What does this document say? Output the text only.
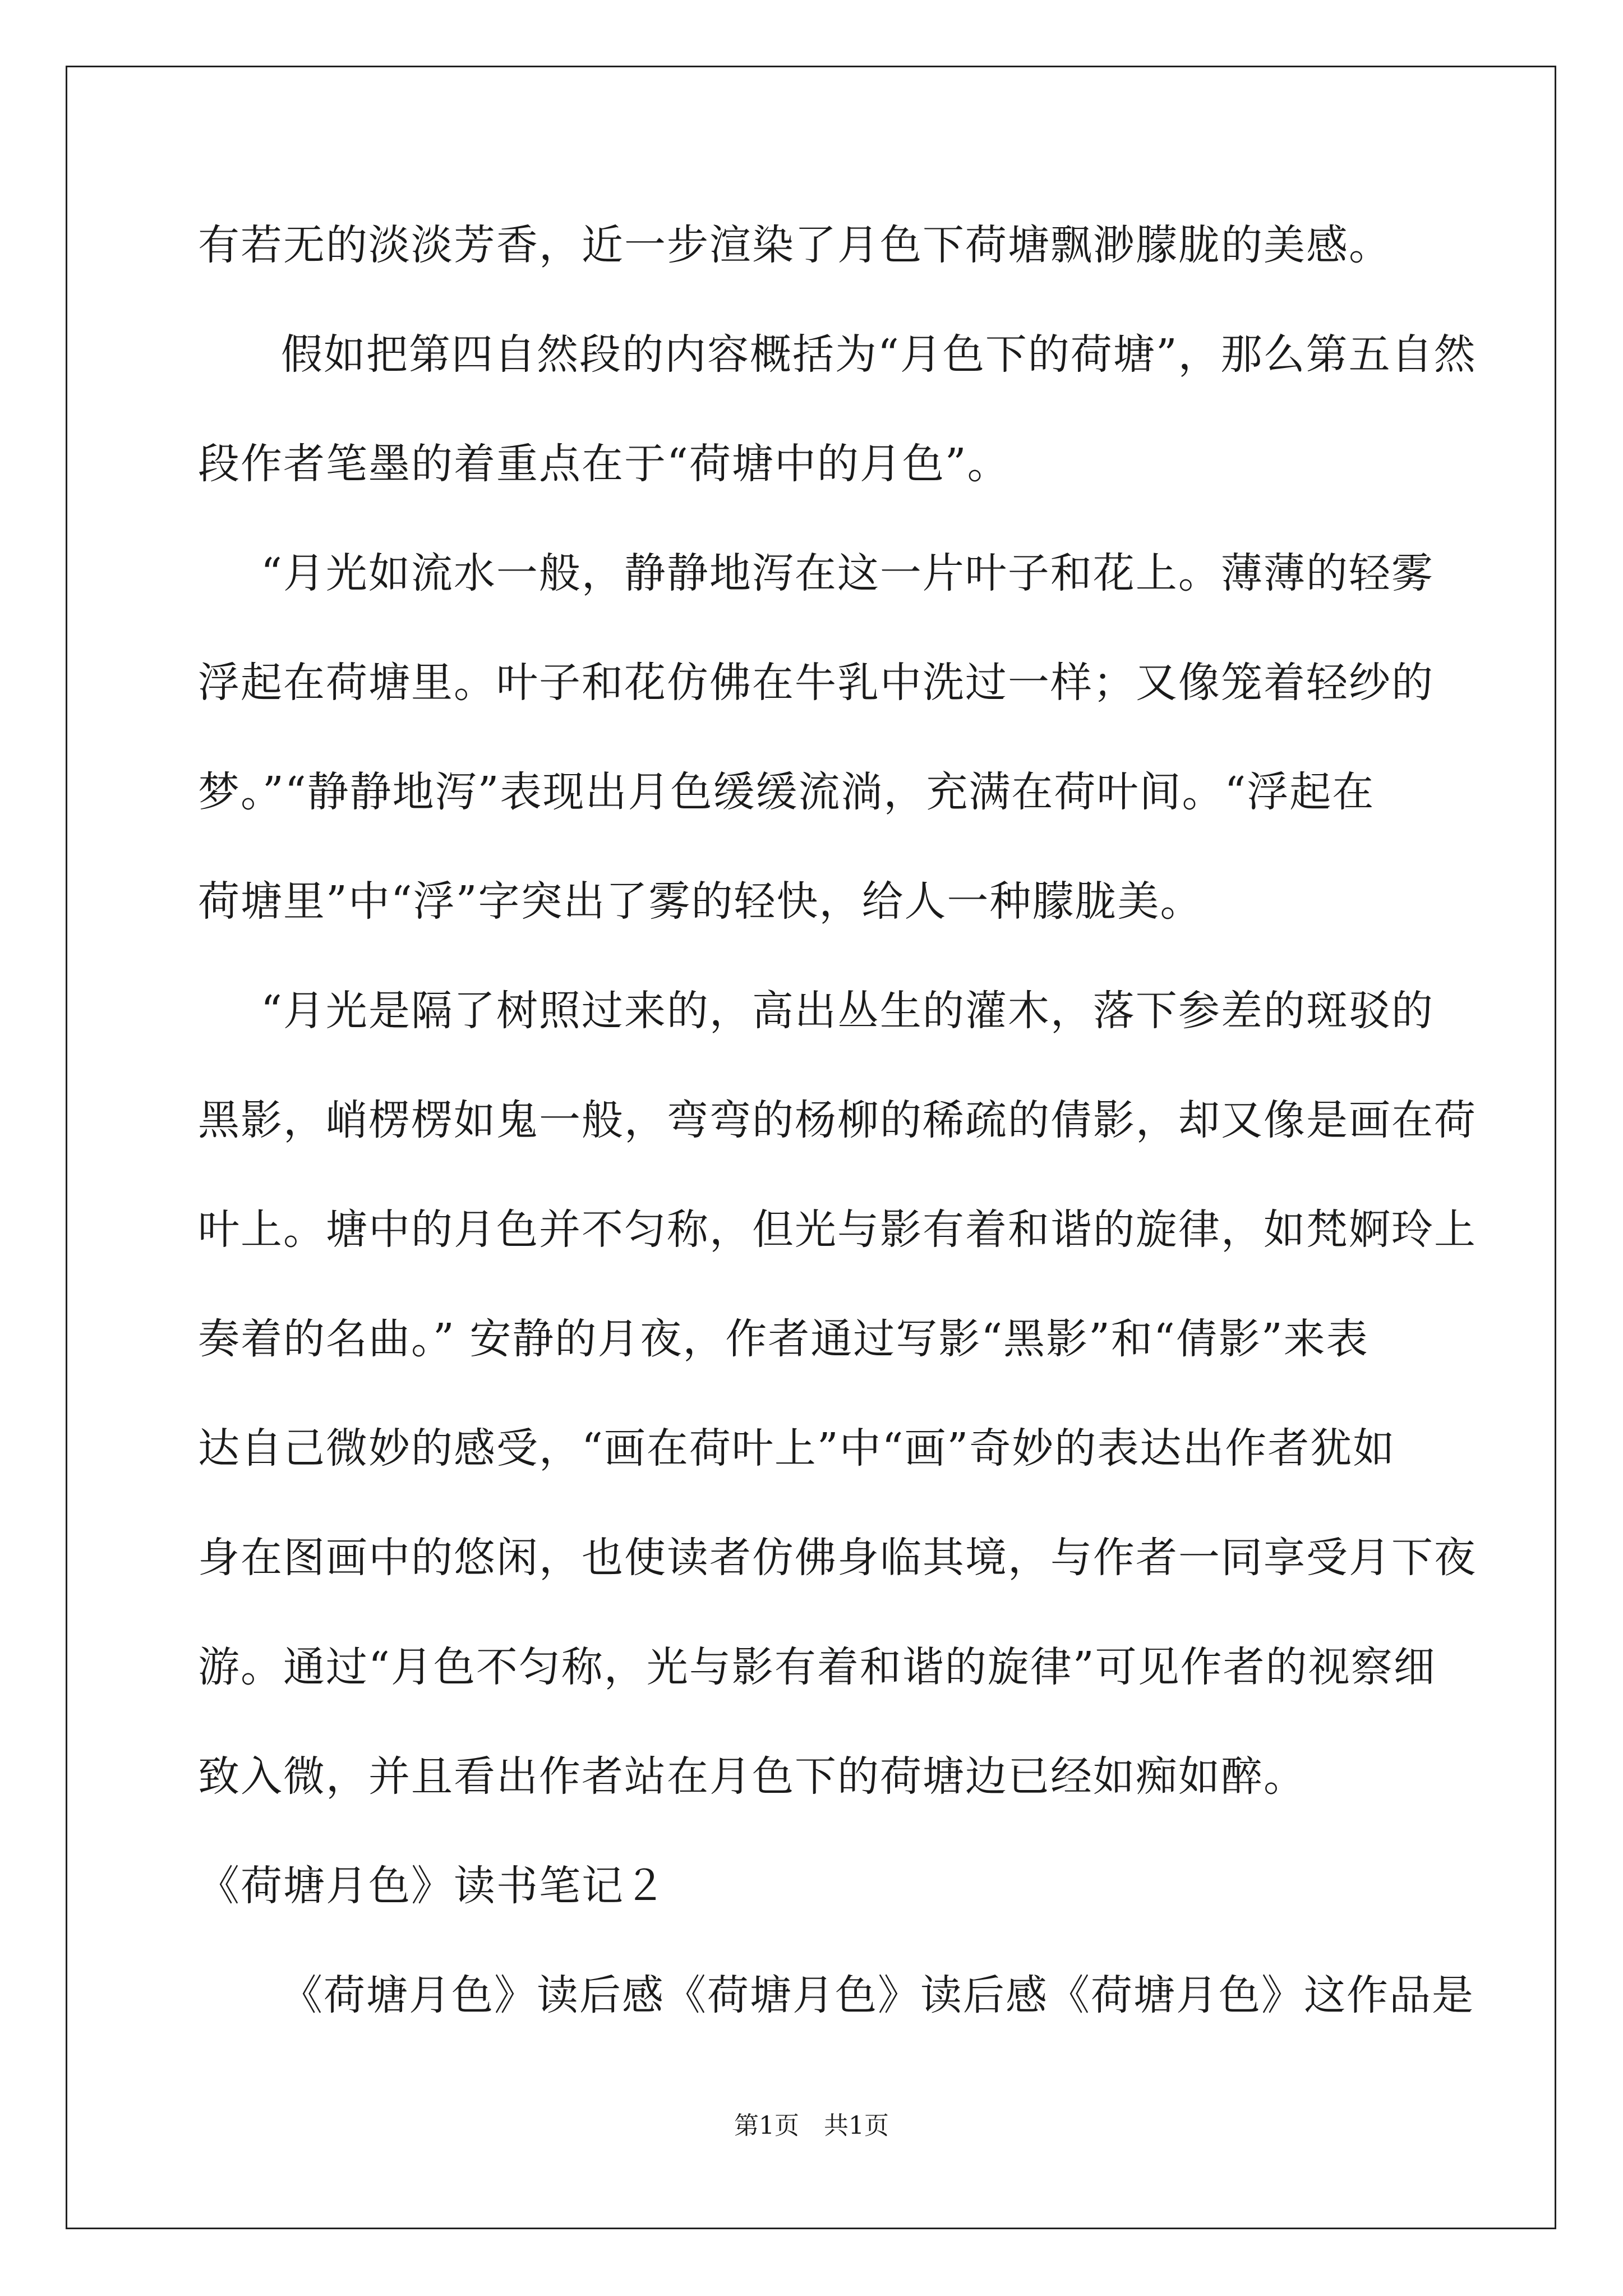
有若无的淡淡芳香，近一步渲染了月色下荷塘飘渺朦胧的美感。
假如把第四自然段的内容概括为“月色下的荷塘”，那么第五自然
段作者笔墨的着重点在于“荷塘中的月色”。
“月光如流水一般，静静地泻在这一片叶子和花上。薄薄的轻雾
浮起在荷塘里。叶子和花仿佛在牛乳中洗过一样；又像笼着轻纱的
梦。”“静静地泻”表现出月色缓缓流淌，充满在荷叶间。“浮起在
荷塘里”中“浮”字突出了雾的轻快，给人一种朦胧美。
“月光是隔了树照过来的，高出丛生的灌木，落下参差的斑驳的
黑影，峭楞楞如鬼一般，弯弯的杨柳的稀疏的倩影，却又像是画在荷
叶上。塘中的月色并不匀称，但光与影有着和谐的旋律，如梵婀玲上
奏着的名曲。” 安静的月夜，作者通过写影“黑影”和“倩影”来表
达自己微妙的感受，“画在荷叶上”中“画”奇妙的表达出作者犹如
身在图画中的悠闲，也使读者仿佛身临其境，与作者一同享受月下夜
游。通过“月色不匀称，光与影有着和谐的旋律”可见作者的视察细
致入微，并且看出作者站在月色下的荷塘边已经如痴如醉。
《荷塘月色》读书笔记２
《荷塘月色》读后感《荷塘月色》读后感《荷塘月色》这作品是
第1页　共1页
